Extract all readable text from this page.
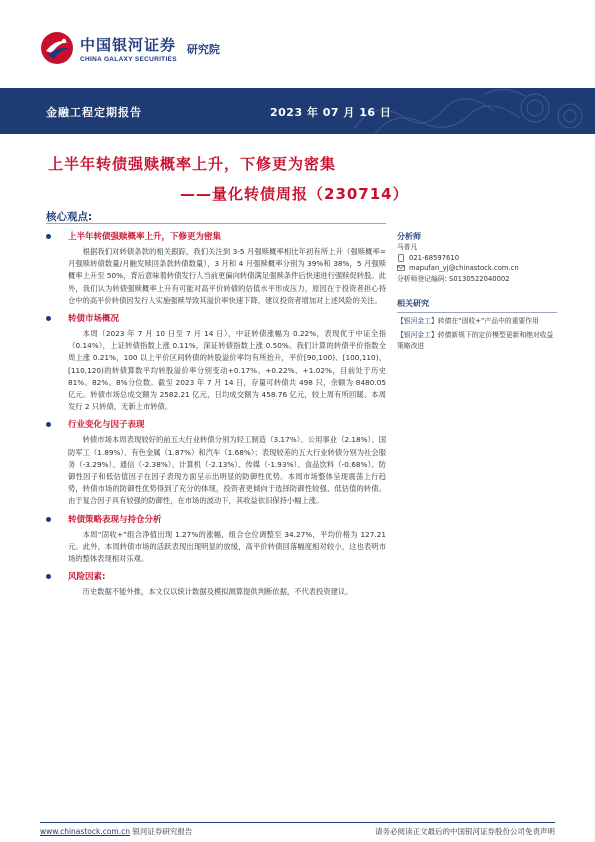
中国银河证券
CHINA GALAXY SECURITIES
研究院
金融工程定期报告	2023 年 07 月 16 日
上半年转债强赎概率上升，下修更为密集
——量化转债周报（230714）
核心观点:
上半年转债强赎概率上升，下修更为密集
根据我们对转债条款的相关跟踪，我们关注到 3-5 月强赎概率相比年初有所上升（强赎概率=月强赎转债数量/月触发赎回条款转债数量），3 月和 4 月强赎概率分别为 39%和 38%，5 月强赎概率上升至 50%，背后意味着转债发行人当前更偏向转债满足强赎条件后快速进行强赎促转股。此外，我们认为转债强赎概率上升有可能对高平价转债的估值水平形成压力，原因在于投资者担心持仓中的高平价转债因发行人实施强赎导致其溢价率快速下降，建议投资者增加对上述风险的关注。
转债市场概况
本周（2023 年 7 月 10 日至 7 月 14 日），中证转债涨幅为 0.22%，表现优于中证全指（0.14%），上证转债指数上涨 0.11%，深证转债指数上涨 0.50%。我们计算的转债平价指数全周上涨 0.21%，100 以上平价区间转债的转股溢价率均有所抬升，平价[90,100)、[100,110)、[110,120)的转债算数平均转股溢价率分别变动+0.17%、+0.22%、+1.02%，目前处于历史 81%、82%、8%分位数。截至 2023 年 7 月 14 日，存量可转债共 498 只，余额为 8480.05 亿元。转债市场总成交额为 2582.21 亿元，日均成交额为 458.76 亿元，较上周有所回暖。本周发行 2 只转债，无新上市转债。
行业变化与因子表现
转债市场本周表现较好的前五大行业转债分别为轻工制造（3.17%）、公用事业（2.18%）、国防军工（1.89%）、有色金属（1.87%）和汽车（1.68%）；表现较差的五大行业转债分别为社会服务（-3.29%）、通信（-2.38%）、计算机（-2.13%）、传媒（-1.93%）、食品饮料（-0.68%）。防御性因子和低估值因子在因子表现方面呈示出明显的防御性优势。本周市场整体呈现震荡上行趋势，转债市场的防御性优势得到了充分的体现，投资者更倾向于选择防御性较强、低估值的转债。由于复合因子具有较强的防御性，在市场的波动下，其收益依旧保持小幅上涨。
转债策略表现与持仓分析
本周“固收+”组合净值出现 1.27%的涨幅，组合仓位调整至 34.27%，平均价格为 127.21 元。此外，本周转债市场的活跃表现出现明显的放缓，高平价转债回落幅度相对较小，这也表明市场的整体表现相对乐观。
风险因素:
历史数据不能外推，本文仅以统计数据及模拟测算提供判断依据，不代表投资建议。
分析师
马普凡
021-68597610
mapufan_yj@chinastock.com.cn
分析师登记编码: S0130522040002
相关研究
【银河金工】转债在“固收+”产品中的重要作用
【银河金工】转债新规下的定价模型更新和绝对收益策略改进
www.chinastock.com.cn 银河证券研究报告	请务必阅读正文最后的中国银河证券股份公司免责声明
